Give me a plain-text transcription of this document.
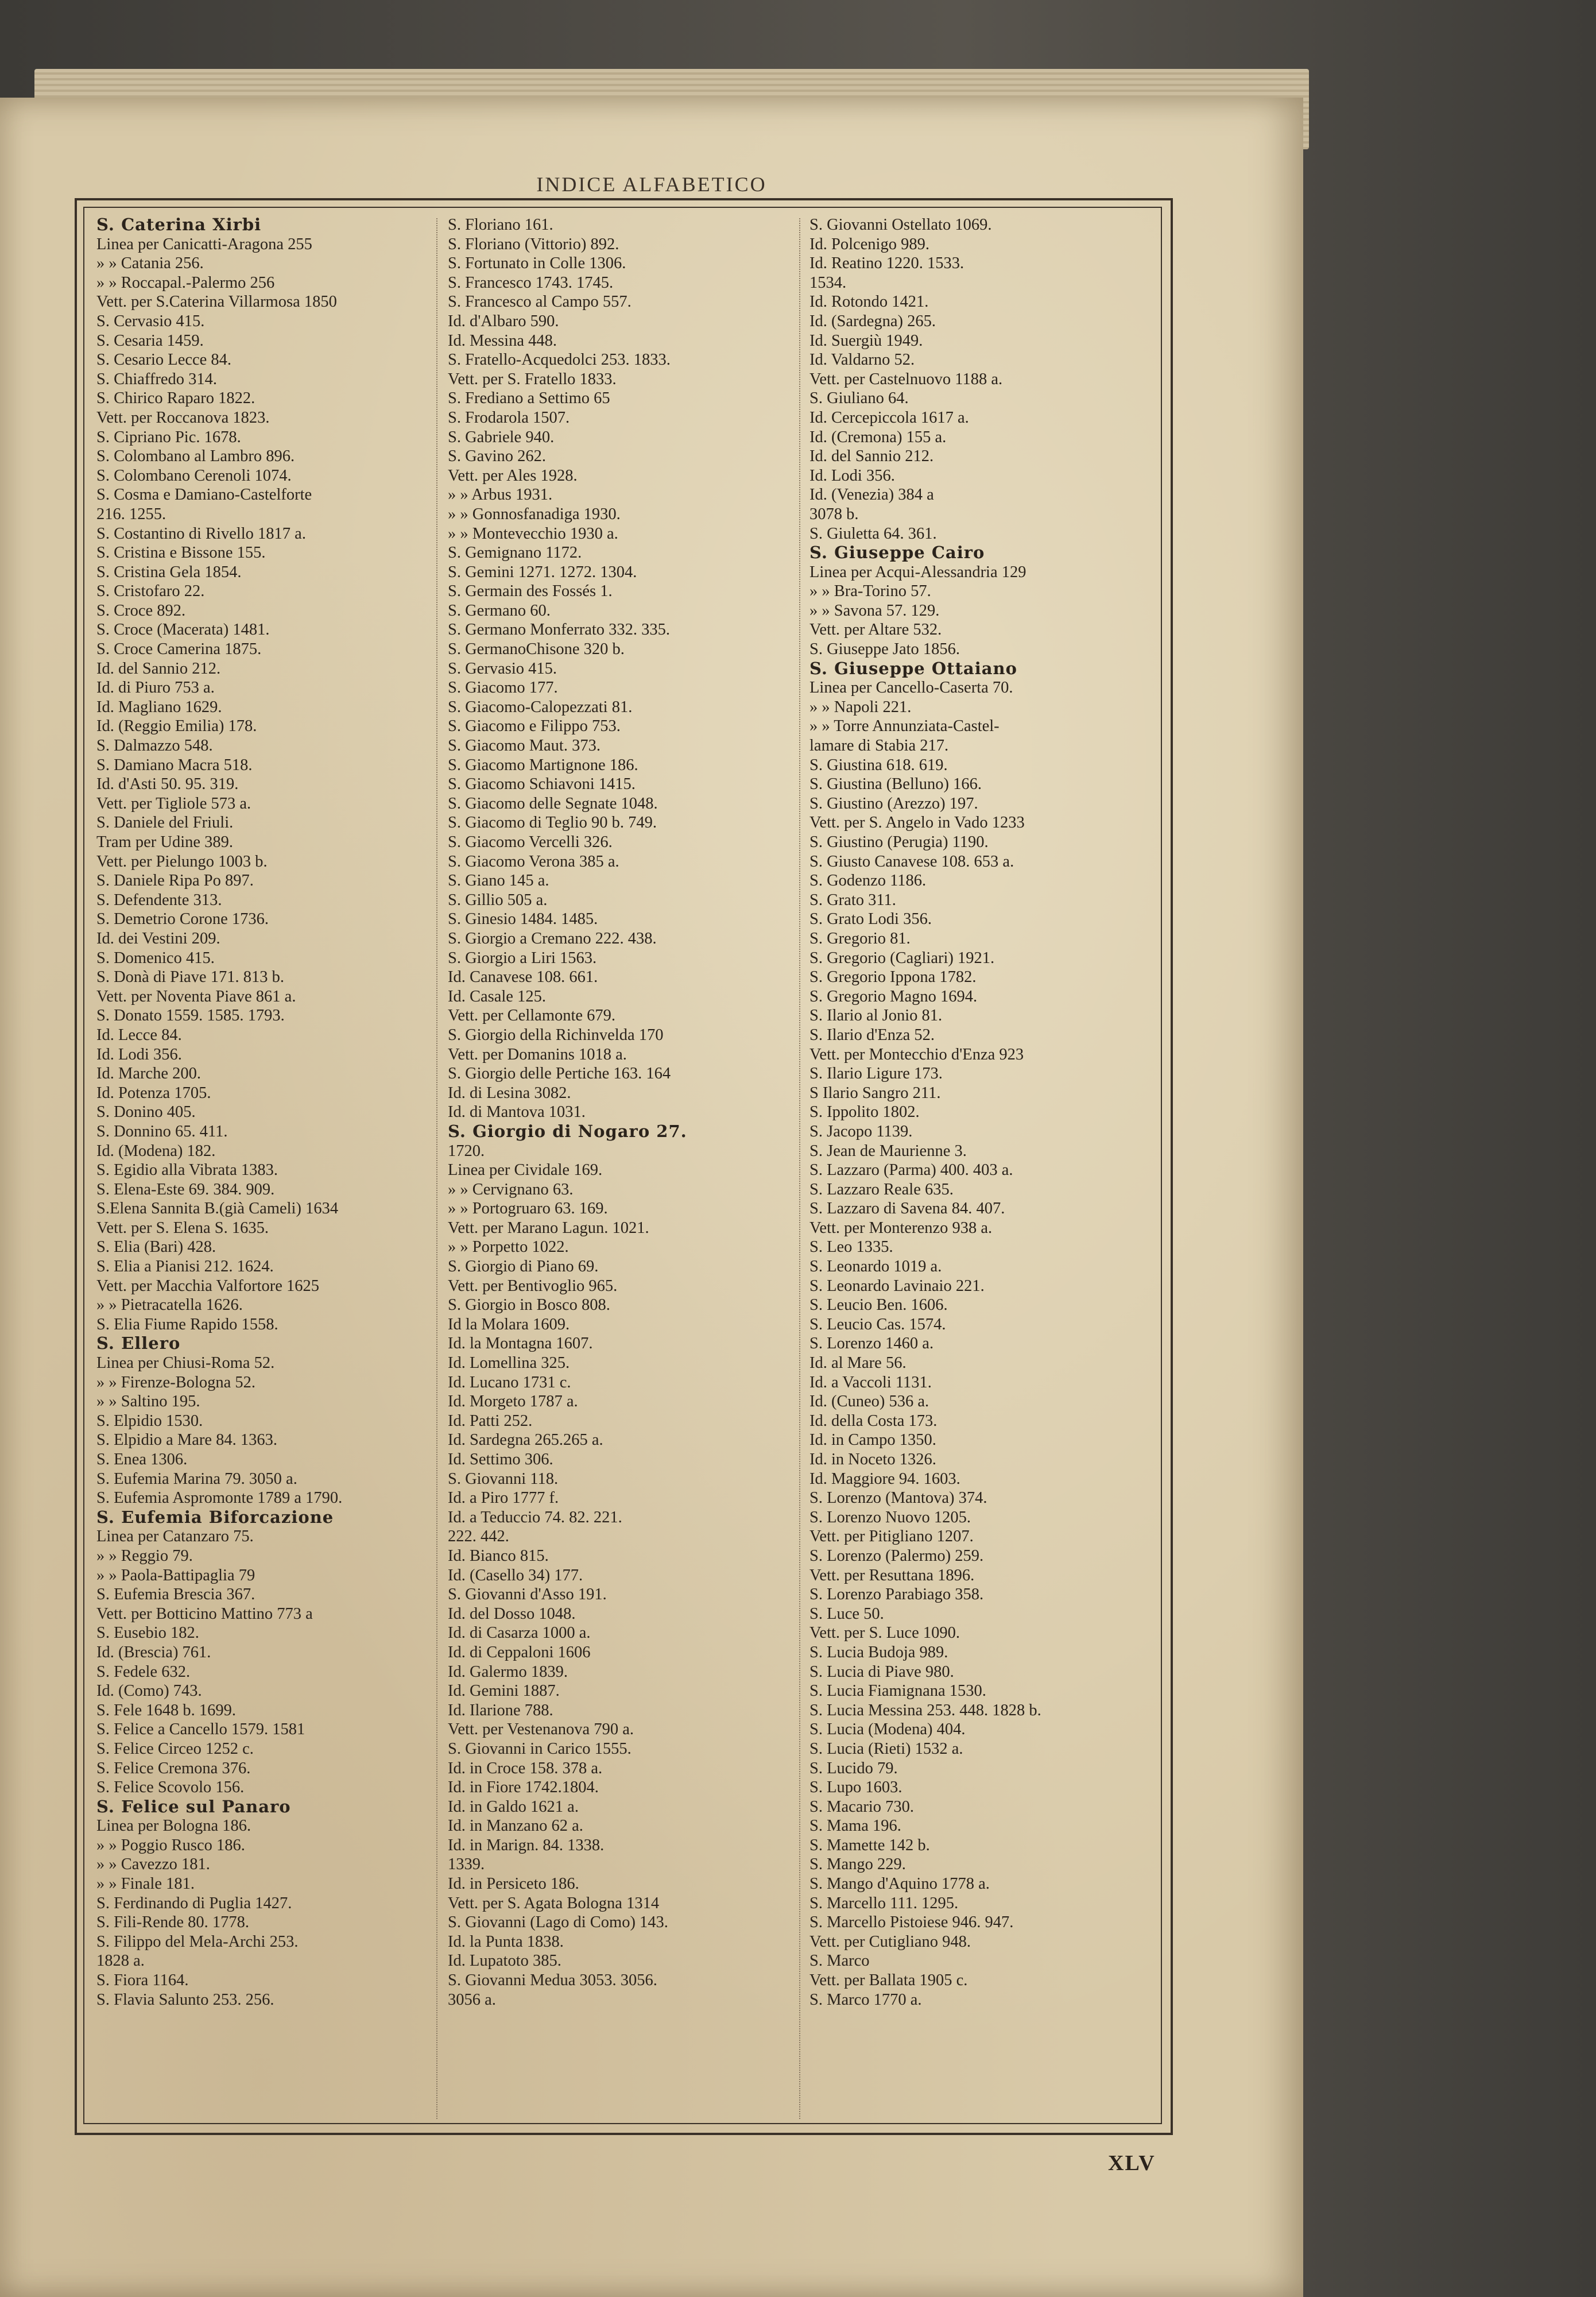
INDICE ALFABETICO
S. Caterina Xirbi
Linea per Canicatti-Aragona 255
» » Catania 256.
» » Roccapal.-Palermo 256
Vett. per S.Caterina Villarmosa 1850
S. Cervasio 415.
S. Cesaria 1459.
S. Cesario Lecce 84.
S. Chiaffredo 314.
S. Chirico Raparo 1822.
Vett. per Roccanova 1823.
S. Cipriano Pic. 1678.
S. Colombano al Lambro 896.
S. Colombano Cerenoli 1074.
S. Cosma e Damiano-Castelforte
216. 1255.
S. Costantino di Rivello 1817 a.
S. Cristina e Bissone 155.
S. Cristina Gela 1854.
S. Cristofaro 22.
S. Croce 892.
S. Croce (Macerata) 1481.
S. Croce Camerina 1875.
Id. del Sannio 212.
Id. di Piuro 753 a.
Id. Magliano 1629.
Id. (Reggio Emilia) 178.
S. Dalmazzo 548.
S. Damiano Macra 518.
Id. d'Asti 50. 95. 319.
Vett. per Tigliole 573 a.
S. Daniele del Friuli.
Tram per Udine 389.
Vett. per Pielungo 1003 b.
S. Daniele Ripa Po 897.
S. Defendente 313.
S. Demetrio Corone 1736.
Id. dei Vestini 209.
S. Domenico 415.
S. Donà di Piave 171. 813 b.
Vett. per Noventa Piave 861 a.
S. Donato 1559. 1585. 1793.
Id. Lecce 84.
Id. Lodi 356.
Id. Marche 200.
Id. Potenza 1705.
S. Donino 405.
S. Donnino 65. 411.
Id. (Modena) 182.
S. Egidio alla Vibrata 1383.
S. Elena-Este 69. 384. 909.
S.Elena Sannita B.(già Cameli) 1634
Vett. per S. Elena S. 1635.
S. Elia (Bari) 428.
S. Elia a Pianisi 212. 1624.
Vett. per Macchia Valfortore 1625
» » Pietracatella 1626.
S. Elia Fiume Rapido 1558.
S. Ellero
Linea per Chiusi-Roma 52.
» » Firenze-Bologna 52.
» » Saltino 195.
S. Elpidio 1530.
S. Elpidio a Mare 84. 1363.
S. Enea 1306.
S. Eufemia Marina 79. 3050 a.
S. Eufemia Aspromonte 1789 a 1790.
S. Eufemia Biforcazione
Linea per Catanzaro 75.
» » Reggio 79.
» » Paola-Battipaglia 79
S. Eufemia Brescia 367.
Vett. per Botticino Mattino 773 a
S. Eusebio 182.
Id. (Brescia) 761.
S. Fedele 632.
Id. (Como) 743.
S. Fele 1648 b. 1699.
S. Felice a Cancello 1579. 1581
S. Felice Circeo 1252 c.
S. Felice Cremona 376.
S. Felice Scovolo 156.
S. Felice sul Panaro
Linea per Bologna 186.
» » Poggio Rusco 186.
» » Cavezzo 181.
» » Finale 181.
S. Ferdinando di Puglia 1427.
S. Fili-Rende 80. 1778.
S. Filippo del Mela-Archi 253.
1828 a.
S. Fiora 1164.
S. Flavia Salunto 253. 256.
S. Floriano 161.
S. Floriano (Vittorio) 892.
S. Fortunato in Colle 1306.
S. Francesco 1743. 1745.
S. Francesco al Campo 557.
Id. d'Albaro 590.
Id. Messina 448.
S. Fratello-Acquedolci 253. 1833.
Vett. per S. Fratello 1833.
S. Frediano a Settimo 65
S. Frodarola 1507.
S. Gabriele 940.
S. Gavino 262.
Vett. per Ales 1928.
» » Arbus 1931.
» » Gonnosfanadiga 1930.
» » Montevecchio 1930 a.
S. Gemignano 1172.
S. Gemini 1271. 1272. 1304.
S. Germain des Fossés 1.
S. Germano 60.
S. Germano Monferrato 332. 335.
S. GermanoChisone 320 b.
S. Gervasio 415.
S. Giacomo 177.
S. Giacomo-Calopezzati 81.
S. Giacomo e Filippo 753.
S. Giacomo Maut. 373.
S. Giacomo Martignone 186.
S. Giacomo Schiavoni 1415.
S. Giacomo delle Segnate 1048.
S. Giacomo di Teglio 90 b. 749.
S. Giacomo Vercelli 326.
S. Giacomo Verona 385 a.
S. Giano 145 a.
S. Gillio 505 a.
S. Ginesio 1484. 1485.
S. Giorgio a Cremano 222. 438.
S. Giorgio a Liri 1563.
Id. Canavese 108. 661.
Id. Casale 125.
Vett. per Cellamonte 679.
S. Giorgio della Richinvelda 170
Vett. per Domanins 1018 a.
S. Giorgio delle Pertiche 163. 164
Id. di Lesina 3082.
Id. di Mantova 1031.
S. Giorgio di Nogaro 27.
1720.
Linea per Cividale 169.
» » Cervignano 63.
» » Portogruaro 63. 169.
Vett. per Marano Lagun. 1021.
» » Porpetto 1022.
S. Giorgio di Piano 69.
Vett. per Bentivoglio 965.
S. Giorgio in Bosco 808.
Id la Molara 1609.
Id. la Montagna 1607.
Id. Lomellina 325.
Id. Lucano 1731 c.
Id. Morgeto 1787 a.
Id. Patti 252.
Id. Sardegna 265.265 a.
Id. Settimo 306.
S. Giovanni 118.
Id. a Piro 1777 f.
Id. a Teduccio 74. 82. 221.
222. 442.
Id. Bianco 815.
Id. (Casello 34) 177.
S. Giovanni d'Asso 191.
Id. del Dosso 1048.
Id. di Casarza 1000 a.
Id. di Ceppaloni 1606
Id. Galermo 1839.
Id. Gemini 1887.
Id. Ilarione 788.
Vett. per Vestenanova 790 a.
S. Giovanni in Carico 1555.
Id. in Croce 158. 378 a.
Id. in Fiore 1742.1804.
Id. in Galdo 1621 a.
Id. in Manzano 62 a.
Id. in Marign. 84. 1338.
1339.
Id. in Persiceto 186.
Vett. per S. Agata Bologna 1314
S. Giovanni (Lago di Como) 143.
Id. la Punta 1838.
Id. Lupatoto 385.
S. Giovanni Medua 3053. 3056.
3056 a.
S. Giovanni Ostellato 1069.
Id. Polcenigo 989.
Id. Reatino 1220. 1533.
1534.
Id. Rotondo 1421.
Id. (Sardegna) 265.
Id. Suergiù 1949.
Id. Valdarno 52.
Vett. per Castelnuovo 1188 a.
S. Giuliano 64.
Id. Cercepiccola 1617 a.
Id. (Cremona) 155 a.
Id. del Sannio 212.
Id. Lodi 356.
Id. (Venezia) 384 a
3078 b.
S. Giuletta 64. 361.
S. Giuseppe Cairo
Linea per Acqui-Alessandria 129
» » Bra-Torino 57.
» » Savona 57. 129.
Vett. per Altare 532.
S. Giuseppe Jato 1856.
S. Giuseppe Ottaiano
Linea per Cancello-Caserta 70.
» » Napoli 221.
» » Torre Annunziata-Castel-
lamare di Stabia 217.
S. Giustina 618. 619.
S. Giustina (Belluno) 166.
S. Giustino (Arezzo) 197.
Vett. per S. Angelo in Vado 1233
S. Giustino (Perugia) 1190.
S. Giusto Canavese 108. 653 a.
S. Godenzo 1186.
S. Grato 311.
S. Grato Lodi 356.
S. Gregorio 81.
S. Gregorio (Cagliari) 1921.
S. Gregorio Ippona 1782.
S. Gregorio Magno 1694.
S. Ilario al Jonio 81.
S. Ilario d'Enza 52.
Vett. per Montecchio d'Enza 923
S. Ilario Ligure 173.
S Ilario Sangro 211.
S. Ippolito 1802.
S. Jacopo 1139.
S. Jean de Maurienne 3.
S. Lazzaro (Parma) 400. 403 a.
S. Lazzaro Reale 635.
S. Lazzaro di Savena 84. 407.
Vett. per Monterenzo 938 a.
S. Leo 1335.
S. Leonardo 1019 a.
S. Leonardo Lavinaio 221.
S. Leucio Ben. 1606.
S. Leucio Cas. 1574.
S. Lorenzo 1460 a.
Id. al Mare 56.
Id. a Vaccoli 1131.
Id. (Cuneo) 536 a.
Id. della Costa 173.
Id. in Campo 1350.
Id. in Noceto 1326.
Id. Maggiore 94. 1603.
S. Lorenzo (Mantova) 374.
S. Lorenzo Nuovo 1205.
Vett. per Pitigliano 1207.
S. Lorenzo (Palermo) 259.
Vett. per Resuttana 1896.
S. Lorenzo Parabiago 358.
S. Luce 50.
Vett. per S. Luce 1090.
S. Lucia Budoja 989.
S. Lucia di Piave 980.
S. Lucia Fiamignana 1530.
S. Lucia Messina 253. 448. 1828 b.
S. Lucia (Modena) 404.
S. Lucia (Rieti) 1532 a.
S. Lucido 79.
S. Lupo 1603.
S. Macario 730.
S. Mama 196.
S. Mamette 142 b.
S. Mango 229.
S. Mango d'Aquino 1778 a.
S. Marcello 111. 1295.
S. Marcello Pistoiese 946. 947.
Vett. per Cutigliano 948.
S. Marco
Vett. per Ballata 1905 c.
S. Marco 1770 a.
XLV
